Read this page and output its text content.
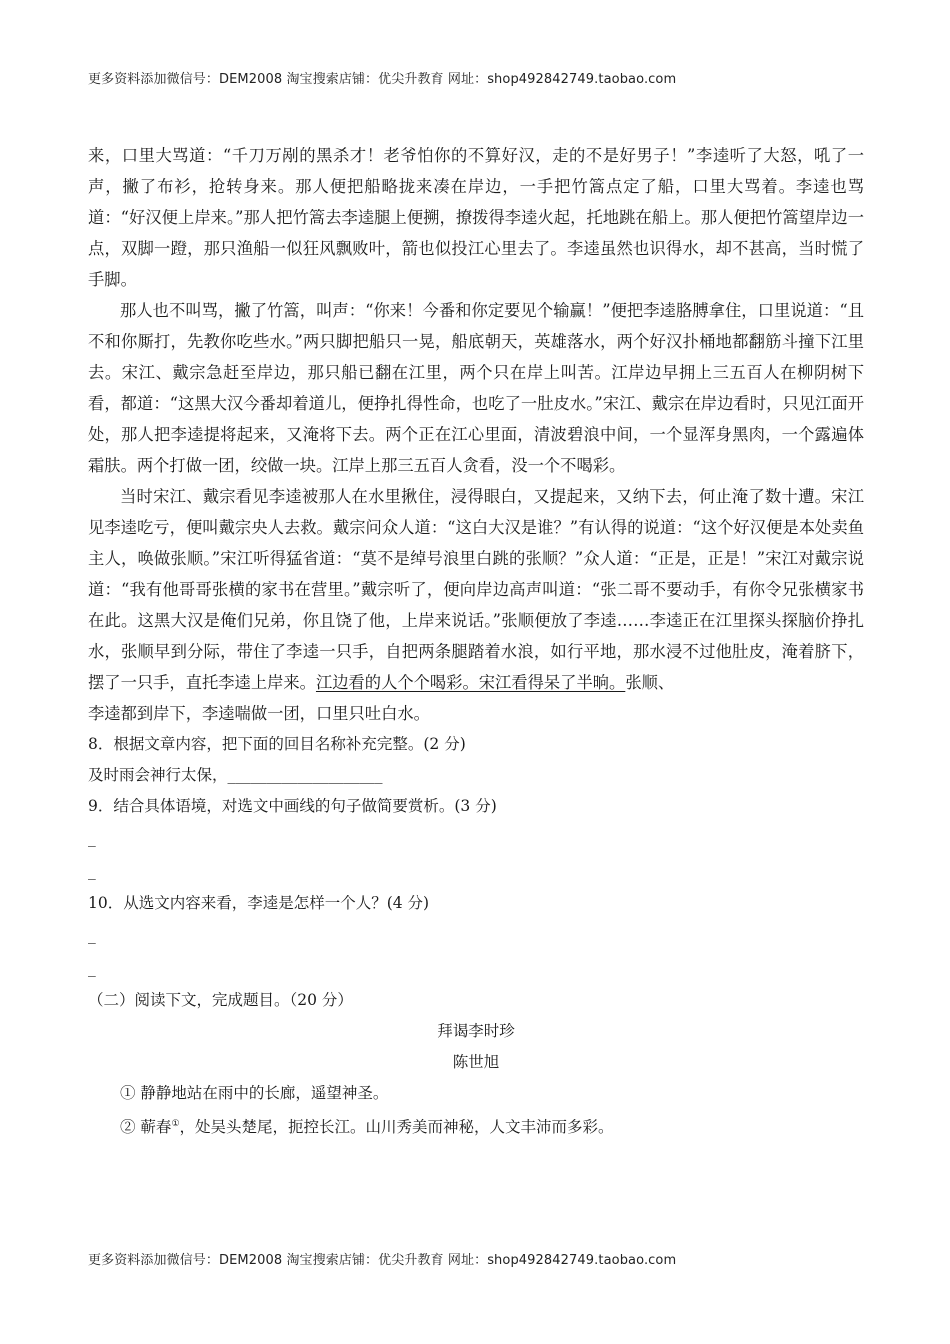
更多资料添加微信号：DEM2008 淘宝搜索店铺：优尖升教育 网址：shop492842749.taobao.com

来，口里大骂道：“千刀万剐的黑杀才！老爷怕你的不算好汉，走的不是好男子！”李逵听了大怒，吼了一声，撇了布衫，抢转身来。那人便把船略拢来凑在岸边，一手把竹篙点定了船，口里大骂着。李逵也骂道：“好汉便上岸来。”那人把竹篙去李逵腿上便搠，撩拨得李逵火起，托地跳在船上。那人便把竹篙望岸边一点，双脚一蹬，那只渔船一似狂风飘败叶，箭也似投江心里去了。李逵虽然也识得水，却不甚高，当时慌了手脚。

那人也不叫骂，撇了竹篙，叫声：“你来！今番和你定要见个输赢！”便把李逵胳膊拿住，口里说道：“且不和你厮打，先教你吃些水。”两只脚把船只一晃，船底朝天，英雄落水，两个好汉扑桶地都翻筋斗撞下江里去。宋江、戴宗急赶至岸边，那只船已翻在江里，两个只在岸上叫苦。江岸边早拥上三五百人在柳阴树下看，都道：“这黑大汉今番却着道儿，便挣扎得性命，也吃了一肚皮水。”宋江、戴宗在岸边看时，只见江面开处，那人把李逵提将起来，又淹将下去。两个正在江心里面，清波碧浪中间，一个显浑身黑肉，一个露遍体霜肤。两个打做一团，绞做一块。江岸上那三五百人贪看，没一个不喝彩。

当时宋江、戴宗看见李逵被那人在水里揪住，浸得眼白，又提起来，又纳下去，何止淹了数十遭。宋江见李逵吃亏，便叫戴宗央人去救。戴宗问众人道：“这白大汉是谁？”有认得的说道：“这个好汉便是本处卖鱼主人，唤做张顺。”宋江听得猛省道：“莫不是绰号浪里白跳的张顺？”众人道：“正是，正是！”宋江对戴宗说道：“我有他哥哥张横的家书在营里。”戴宗听了，便向岸边高声叫道：“张二哥不要动手，有你令兄张横家书在此。这黑大汉是俺们兄弟，你且饶了他，上岸来说话。”张顺便放了李逵……李逵正在江里探头探脑价挣扎 水，张顺早到分际，带住了李逵一只手，自把两条腿踏着水浪，如行平地，那水浸不过他肚皮，淹着脐下，摆了一只手，直托李逵上岸来。江边看的人个个喝彩。宋江看得呆了半晌。张顺、

李逵都到岸下，李逵喘做一团，口里只吐白水。

8．根据文章内容，把下面的回目名称补充完整。(2 分)

及时雨会神行太保，____________________

9．结合具体语境，对选文中画线的句子做简要赏析。(3 分)

_

_

10．从选文内容来看，李逵是怎样一个人？(4 分)

_

_

（二）阅读下文，完成题目。（20 分）

拜谒李时珍

陈世旭

① 静静地站在雨中的长廊，遥望神圣。

② 蕲春①，处吴头楚尾，扼控长江。山川秀美而神秘，人文丰沛而多彩。

更多资料添加微信号：DEM2008 淘宝搜索店铺：优尖升教育 网址：shop492842749.taobao.com
